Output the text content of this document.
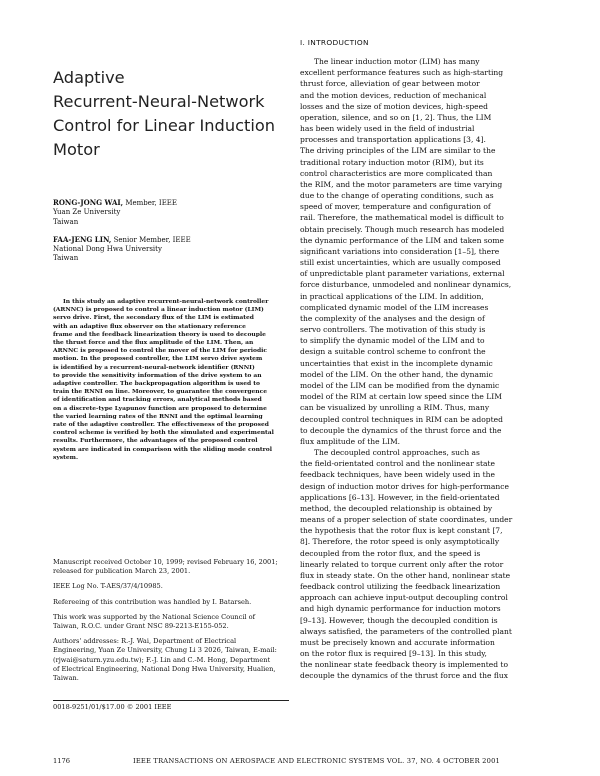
Adaptive
Recurrent-Neural-Network
Control for Linear Induction
Motor
RONG-JONG WAI, Member, IEEE
Yuan Ze University
Taiwan
FAA-JENG LIN, Senior Member, IEEE
National Dong Hwa University
Taiwan
In this study an adaptive recurrent-neural-network controller
(ARNNC) is proposed to control a linear induction motor (LIM)
servo drive. First, the secondary flux of the LIM is estimated
with an adaptive flux observer on the stationary reference
frame and the feedback linearization theory is used to decouple
the thrust force and the flux amplitude of the LIM. Then, an
ARNNC is proposed to control the mover of the LIM for periodic
motion. In the proposed controller, the LIM servo drive system
is identified by a recurrent-neural-network identifier (RNNI)
to provide the sensitivity information of the drive system to an
adaptive controller. The backpropagation algorithm is used to
train the RNNI on line. Moreover, to guarantee the convergence
of identification and tracking errors, analytical methods based
on a discrete-type Lyapunov function are proposed to determine
the varied learning rates of the RNNI and the optimal learning
rate of the adaptive controller. The effectiveness of the proposed
control scheme is verified by both the simulated and experimental
results. Furthermore, the advantages of the proposed control
system are indicated in comparison with the sliding mode control
system.
Manuscript received October 10, 1999; revised February 16, 2001;
released for publication March 23, 2001.
IEEE Log No. T-AES/37/4/10985.
Refereeing of this contribution was handled by I. Batarseh.
This work was supported by the National Science Council of
Taiwan, R.O.C. under Grant NSC 89-2213-E155-052.
Authors' addresses: R.-J. Wai, Department of Electrical
Engineering, Yuan Ze University, Chung Li 3 2026, Taiwan, E-mail:
(rjwai@saturn.yzu.edu.tw); F.-J. Lin and C.-M. Hong, Department
of Electrical Engineering, National Dong Hwa University, Hualien,
Taiwan.
0018-9251/01/$17.00 © 2001 IEEE
I. INTRODUCTION
The linear induction motor (LIM) has many
excellent performance features such as high-starting
thrust force, alleviation of gear between motor
and the motion devices, reduction of mechanical
losses and the size of motion devices, high-speed
operation, silence, and so on [1, 2]. Thus, the LIM
has been widely used in the field of industrial
processes and transportation applications [3, 4].
The driving principles of the LIM are similar to the
traditional rotary induction motor (RIM), but its
control characteristics are more complicated than
the RIM, and the motor parameters are time varying
due to the change of operating conditions, such as
speed of mover, temperature and configuration of
rail. Therefore, the mathematical model is difficult to
obtain precisely. Though much research has modeled
the dynamic performance of the LIM and taken some
significant variations into consideration [1–5], there
still exist uncertainties, which are usually composed
of unpredictable plant parameter variations, external
force disturbance, unmodeled and nonlinear dynamics,
in practical applications of the LIM. In addition,
complicated dynamic model of the LIM increases
the complexity of the analyses and the design of
servo controllers. The motivation of this study is
to simplify the dynamic model of the LIM and to
design a suitable control scheme to confront the
uncertainties that exist in the incomplete dynamic
model of the LIM. On the other hand, the dynamic
model of the LIM can be modified from the dynamic
model of the RIM at certain low speed since the LIM
can be visualized by unrolling a RIM. Thus, many
decoupled control techniques in RIM can be adopted
to decouple the dynamics of the thrust force and the
flux amplitude of the LIM.
The decoupled control approaches, such as
the field-orientated control and the nonlinear state
feedback techniques, have been widely used in the
design of induction motor drives for high-performance
applications [6–13]. However, in the field-orientated
method, the decoupled relationship is obtained by
means of a proper selection of state coordinates, under
the hypothesis that the rotor flux is kept constant [7,
8]. Therefore, the rotor speed is only asymptotically
decoupled from the rotor flux, and the speed is
linearly related to torque current only after the rotor
flux in steady state. On the other hand, nonlinear state
feedback control utilizing the feedback linearization
approach can achieve input-output decoupling control
and high dynamic performance for induction motors
[9–13]. However, though the decoupled condition is
always satisfied, the parameters of the controlled plant
must be precisely known and accurate information
on the rotor flux is required [9–13]. In this study,
the nonlinear state feedback theory is implemented to
decouple the dynamics of the thrust force and the flux
1176	IEEE TRANSACTIONS ON AEROSPACE AND ELECTRONIC SYSTEMS VOL. 37, NO. 4 OCTOBER 2001
